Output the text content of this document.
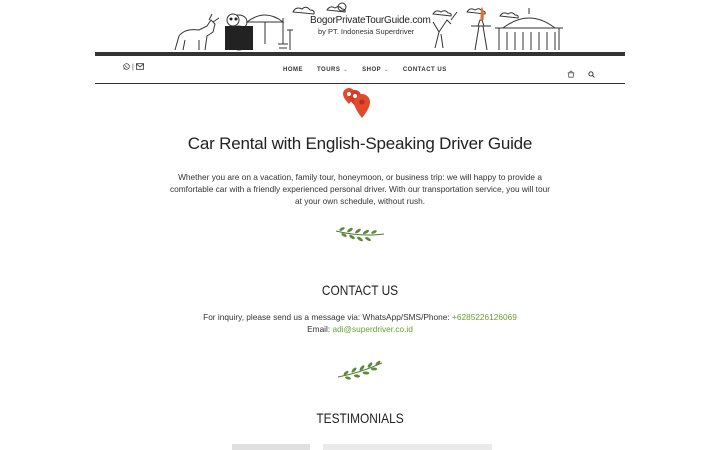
BogorPrivateTourGuide.com
by PT. Indonesia Superdriver
|	HOME TOURS ⌄ SHOP ⌄ CONTACT US
Car Rental with English-Speaking Driver Guide

Whether you are on a vacation, family tour, honeymoon, or business trip: we will happy to provide a comfortable car with a friendly experienced personal driver. With our transportation service, you will tour at your own schedule, without rush.

CONTACT US
For inquiry, please send us a message via: WhatsApp/SMS/Phone: +6285226126069
Email: adi@superdriver.co.id
TESTIMONIALS
